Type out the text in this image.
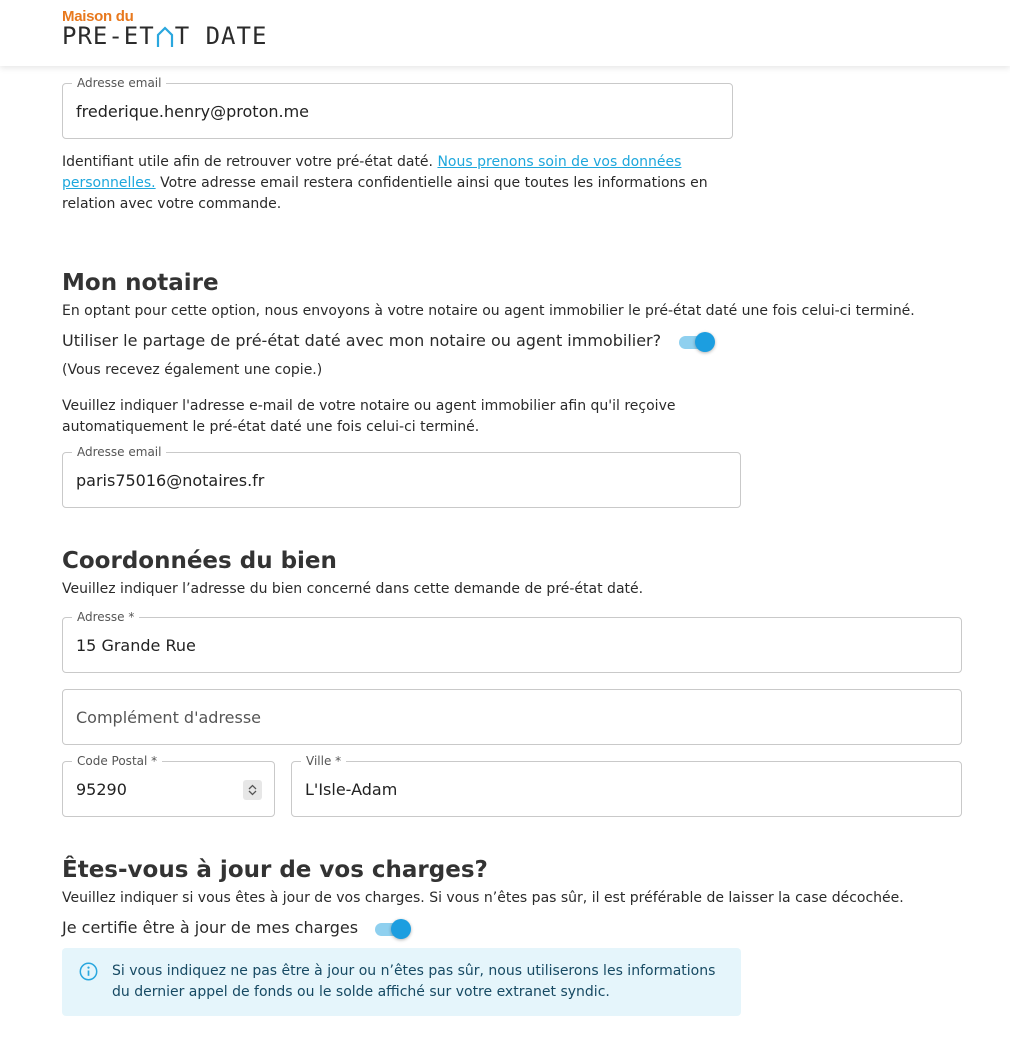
Maison du
PRE-ET T DATE
Adresse email
frederique.henry@proton.me
Identifiant utile afin de retrouver votre pré-état daté. Nous prenons soin de vos données personnelles. Votre adresse email restera confidentielle ainsi que toutes les informations en relation avec votre commande.
Mon notaire
En optant pour cette option, nous envoyons à votre notaire ou agent immobilier le pré-état daté une fois celui-ci terminé.
Utiliser le partage de pré-état daté avec mon notaire ou agent immobilier?
(Vous recevez également une copie.)
Veuillez indiquer l'adresse e-mail de votre notaire ou agent immobilier afin qu'il reçoive automatiquement le pré-état daté une fois celui-ci terminé.
Adresse email
paris75016@notaires.fr
Coordonnées du bien
Veuillez indiquer l’adresse du bien concerné dans cette demande de pré-état daté.
Adresse *
15 Grande Rue
Complément d'adresse
Code Postal *
95290
Ville *
L'Isle-Adam
Êtes-vous à jour de vos charges?
Veuillez indiquer si vous êtes à jour de vos charges. Si vous n’êtes pas sûr, il est préférable de laisser la case décochée.
Je certifie être à jour de mes charges
Si vous indiquez ne pas être à jour ou n’êtes pas sûr, nous utiliserons les informations du dernier appel de fonds ou le solde affiché sur votre extranet syndic.
